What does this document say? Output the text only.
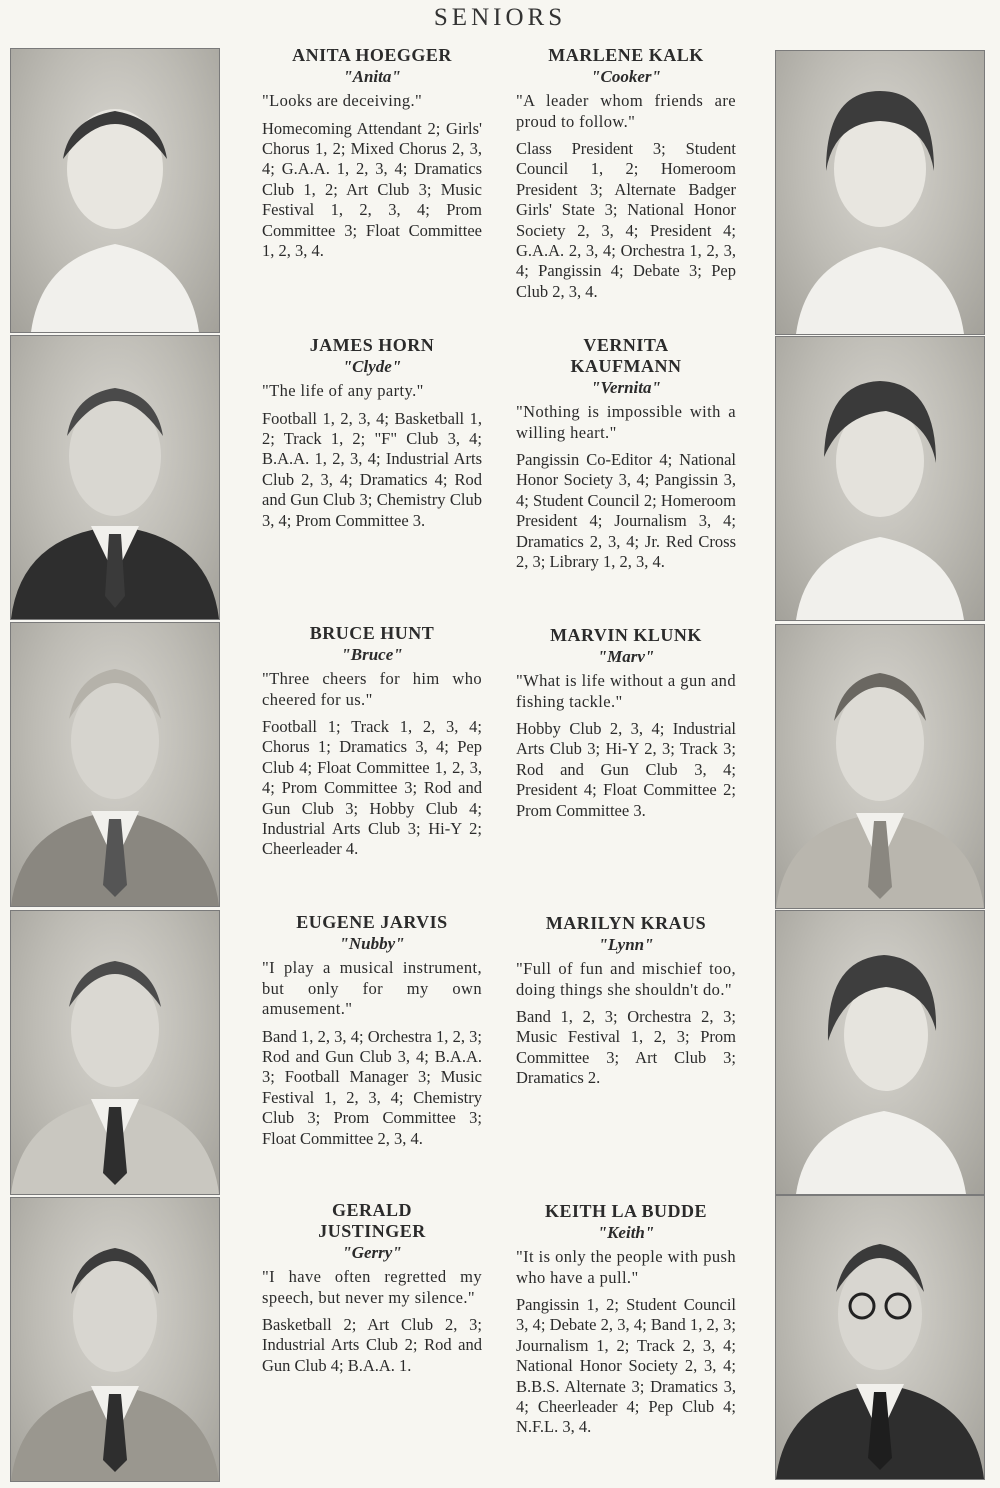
SENIORS
ANITA HOEGGER
"Anita"
"Looks are deceiving."
Homecoming Attendant 2; Girls' Chorus 1, 2; Mixed Chorus 2, 3, 4; G.A.A. 1, 2, 3, 4; Dramatics Club 1, 2; Art Club 3; Music Festival 1, 2, 3, 4; Prom Committee 3; Float Committee 1, 2, 3, 4.
MARLENE KALK
"Cooker"
"A leader whom friends are proud to follow."
Class President 3; Student Council 1, 2; Homeroom President 3; Alternate Badger Girls' State 3; National Honor Society 2, 3, 4; President 4; G.A.A. 2, 3, 4; Orchestra 1, 2, 3, 4; Pangissin 4; Debate 3; Pep Club 2, 3, 4.
JAMES HORN
"Clyde"
"The life of any party."
Football 1, 2, 3, 4; Basketball 1, 2; Track 1, 2; "F" Club 3, 4; B.A.A. 1, 2, 3, 4; Industrial Arts Club 2, 3, 4; Dramatics 4; Rod and Gun Club 3; Chemistry Club 3, 4; Prom Committee 3.
VERNITA KAUFMANN
"Vernita"
"Nothing is impossible with a willing heart."
Pangissin Co-Editor 4; National Honor Society 3, 4; Pangissin 3, 4; Student Council 2; Homeroom President 4; Journalism 3, 4; Dramatics 2, 3, 4; Jr. Red Cross 2, 3; Library 1, 2, 3, 4.
BRUCE HUNT
"Bruce"
"Three cheers for him who cheered for us."
Football 1; Track 1, 2, 3, 4; Chorus 1; Dramatics 3, 4; Pep Club 4; Float Committee 1, 2, 3, 4; Prom Committee 3; Rod and Gun Club 3; Hobby Club 4; Industrial Arts Club 3; Hi-Y 2; Cheerleader 4.
MARVIN KLUNK
"Marv"
"What is life without a gun and fishing tackle."
Hobby Club 2, 3, 4; Industrial Arts Club 3; Hi-Y 2, 3; Track 3; Rod and Gun Club 3, 4; President 4; Float Committee 2; Prom Committee 3.
EUGENE JARVIS
"Nubby"
"I play a musical instrument, but only for my own amusement."
Band 1, 2, 3, 4; Orchestra 1, 2, 3; Rod and Gun Club 3, 4; B.A.A. 3; Football Manager 3; Music Festival 1, 2, 3, 4; Chemistry Club 3; Prom Committee 3; Float Committee 2, 3, 4.
MARILYN KRAUS
"Lynn"
"Full of fun and mischief too, doing things she shouldn't do."
Band 1, 2, 3; Orchestra 2, 3; Music Festival 1, 2, 3; Prom Committee 3; Art Club 3; Dramatics 2.
GERALD JUSTINGER
"Gerry"
"I have often regretted my speech, but never my silence."
Basketball 2; Art Club 2, 3; Industrial Arts Club 2; Rod and Gun Club 4; B.A.A. 1.
KEITH LA BUDDE
"Keith"
"It is only the people with push who have a pull."
Pangissin 1, 2; Student Council 3, 4; Debate 2, 3, 4; Band 1, 2, 3; Journalism 1, 2; Track 2, 3, 4; National Honor Society 2, 3, 4; B.B.S. Alternate 3; Dramatics 3, 4; Cheerleader 4; Pep Club 4; N.F.L. 3, 4.
